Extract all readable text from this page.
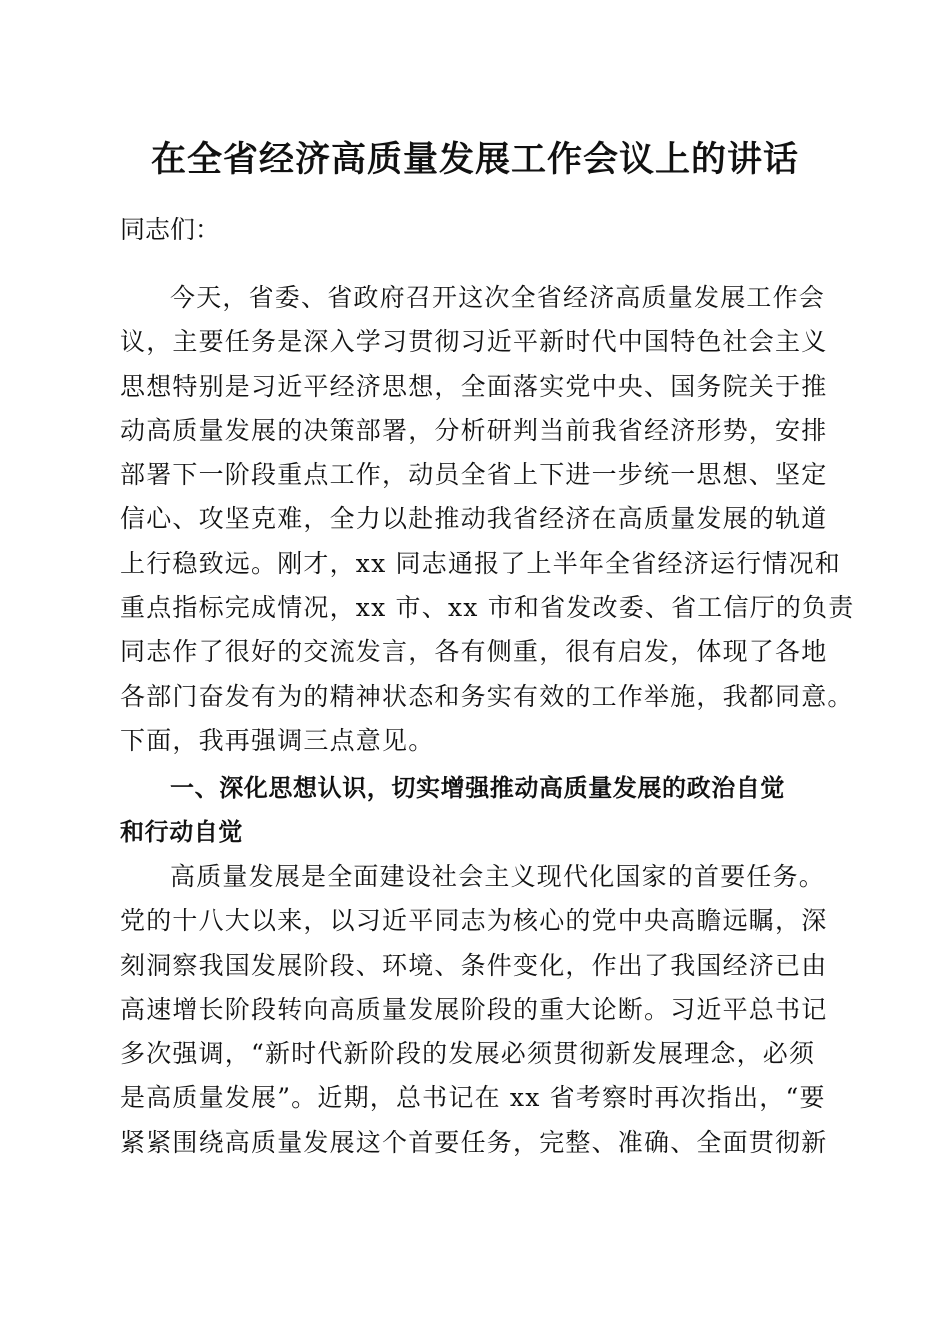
在全省经济高质量发展工作会议上的讲话

同志们：

今天，省委、省政府召开这次全省经济高质量发展工作会
议，主要任务是深入学习贯彻习近平新时代中国特色社会主义
思想特别是习近平经济思想，全面落实党中央、国务院关于推
动高质量发展的决策部署，分析研判当前我省经济形势，安排
部署下一阶段重点工作，动员全省上下进一步统一思想、坚定
信心、攻坚克难，全力以赴推动我省经济在高质量发展的轨道
上行稳致远。刚才，xx 同志通报了上半年全省经济运行情况和
重点指标完成情况，xx 市、xx 市和省发改委、省工信厅的负责
同志作了很好的交流发言，各有侧重，很有启发，体现了各地
各部门奋发有为的精神状态和务实有效的工作举施，我都同意。
下面，我再强调三点意见。
一、深化思想认识，切实增强推动高质量发展的政治自觉
和行动自觉
高质量发展是全面建设社会主义现代化国家的首要任务。
党的十八大以来，以习近平同志为核心的党中央高瞻远瞩，深
刻洞察我国发展阶段、环境、条件变化，作出了我国经济已由
高速增长阶段转向高质量发展阶段的重大论断。习近平总书记
多次强调，“新时代新阶段的发展必须贯彻新发展理念，必须
是高质量发展”。近期，总书记在 xx 省考察时再次指出，“要
紧紧围绕高质量发展这个首要任务，完整、准确、全面贯彻新
